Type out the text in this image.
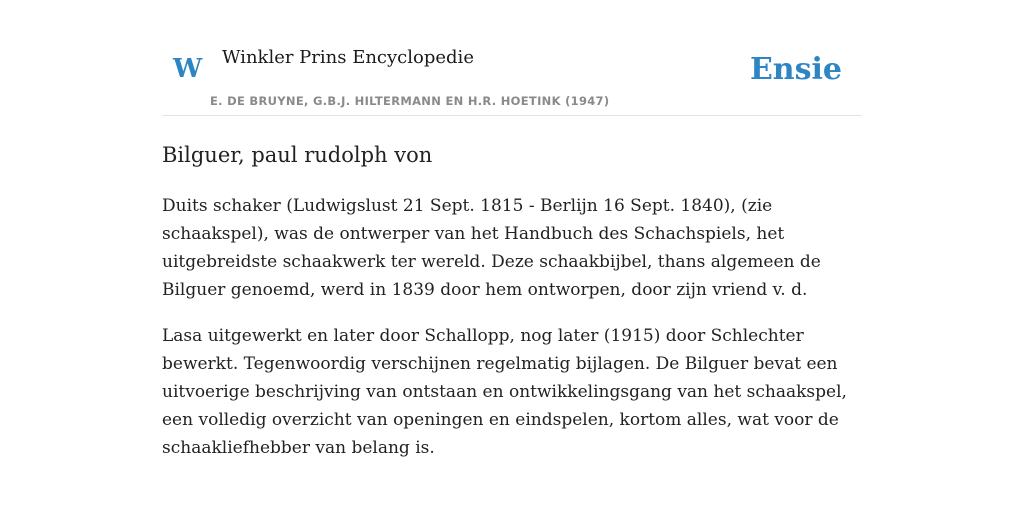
W Winkler Prins Encyclopedie
E. DE BRUYNE, G.B.J. HILTERMANN EN H.R. HOETINK (1947)
Ensie
Bilguer, paul rudolph von

Duits schaker (Ludwigslust 21 Sept. 1815 - Berlijn 16 Sept. 1840), (zie schaakspel), was de ontwerper van het Handbuch des Schachspiels, het uitgebreidste schaakwerk ter wereld. Deze schaakbijbel, thans algemeen de Bilguer genoemd, werd in 1839 door hem ontworpen, door zijn vriend v. d.

Lasa uitgewerkt en later door Schallopp, nog later (1915) door Schlechter bewerkt. Tegenwoordig verschijnen regelmatig bijlagen. De Bilguer bevat een uitvoerige beschrijving van ontstaan en ontwikkelingsgang van het schaakspel, een volledig overzicht van openingen en eindspelen, kortom alles, wat voor de schaakliefhebber van belang is.
